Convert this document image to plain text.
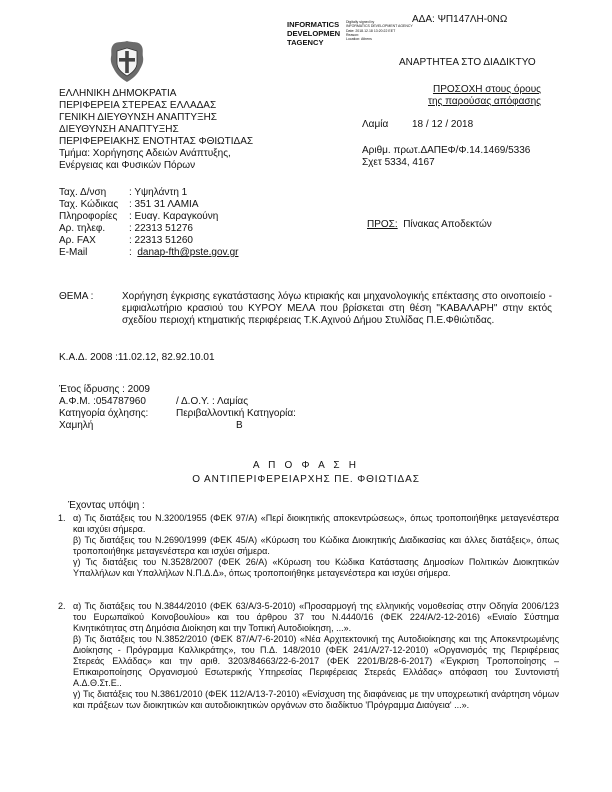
ΑΔΑ: ΨΠ147ΛΗ-0ΝΩ
INFORMATICS
DEVELOPMEN
TAGENCY
Digitally signed by
INFORMATICS DEVELOPMENT AGENCY
Date: 2018.12.18 13:20:22 EET
Reason:
Location: Athens
ΑΝΑΡΤΗΤΕΑ ΣΤΟ ΔΙΑΔΙΚΤΥΟ
ΕΛΛΗΝΙΚΗ ΔΗΜΟΚΡΑΤΙΑ
ΠΕΡΙΦΕΡΕΙΑ ΣΤΕΡΕΑΣ ΕΛΛΑΔΑΣ
ΓΕΝΙΚΗ ΔΙΕΥΘΥΝΣΗ ΑΝΑΠΤΥΞΗΣ
ΔΙΕΥΘΥΝΣΗ ΑΝΑΠΤΥΞΗΣ
ΠΕΡΙΦΕΡΕΙΑΚΗΣ ΕΝΟΤΗΤΑΣ ΦΘΙΩΤΙΔΑΣ
Τμήμα: Χορήγησης Αδειών Ανάπτυξης,
Ενέργειας και Φυσικών Πόρων
ΠΡΟΣΟΧΗ στους όρους
της παρούσας απόφασης
Λαμία 18 / 12 / 2018
Αριθμ. πρωτ.ΔΑΠΕΦ/Φ.14.1469/5336
Σχετ 5334, 4167
Ταχ. Δ/νση : Υψηλάντη 1
Ταχ. Κώδικας : 351 31 ΛΑΜΙΑ
Πληροφορίες : Ευαγ. Καραγκούνη
Αρ. τηλεφ. : 22313 51276
Αρ. FAX	: 22313 51260
E-Mail	: danap-fth@pste.gov.gr
ΠΡΟΣ: Πίνακας Αποδεκτών
ΘΕΜΑ :	Χορήγηση έγκρισης εγκατάστασης λόγω κτιριακής και μηχανολογικής επέκτασης στο οινοποιείο - εμφιαλωτήριο κρασιού του ΚΥΡΟΥ ΜΕΛΑ που βρίσκεται στη θέση "ΚΑΒΑΛΑΡΗ" στην εκτός σχεδίου περιοχή κτηματικής περιφέρειας Τ.Κ.Αχινού Δήμου Στυλίδας Π.Ε.Φθιώτιδας.
Κ.Α.Δ. 2008 :11.02.12, 82.92.10.01
Έτος ίδρυσης : 2009
Α.Φ.Μ. :054787960	/ Δ.Ο.Υ. : Λαμίας
Κατηγορία όχλησης:	Περιβαλλοντική Κατηγορία:
Χαμηλή	Β
Α Π Ο Φ Α Σ Η
Ο ΑΝΤΙΠΕΡΙΦΕΡΕΙΑΡΧΗΣ ΠΕ. ΦΘΙΩΤΙΔΑΣ
Έχοντας υπόψη :
1. α) Τις διατάξεις του Ν.3200/1955 (ΦΕΚ 97/Α) «Περί διοικητικής αποκεντρώσεως», όπως τροποποιήθηκε μεταγενέστερα και ισχύει σήμερα.
β) Τις διατάξεις του Ν.2690/1999 (ΦΕΚ 45/Α) «Κύρωση του Κώδικα Διοικητικής Διαδικασίας και άλλες διατάξεις», όπως τροποποιήθηκε μεταγενέστερα και ισχύει σήμερα.
γ) Τις διατάξεις του Ν.3528/2007 (ΦΕΚ 26/Α) «Κύρωση του Κώδικα Κατάστασης Δημοσίων Πολιτικών Διοικητικών Υπαλλήλων και Υπαλλήλων Ν.Π.Δ.Δ», όπως τροποποιήθηκε μεταγενέστερα και ισχύει σήμερα.
2. α) Τις διατάξεις του Ν.3844/2010 (ΦΕΚ 63/Α/3-5-2010) «Προσαρμογή της ελληνικής νομοθεσίας στην Οδηγία 2006/123 του Ευρωπαϊκού Κοινοβουλίου» και του άρθρου 37 του Ν.4440/16 (ΦΕΚ 224/Α/2-12-2016) «Ενιαίο Σύστημα Κινητικότητας στη Δημόσια Διοίκηση και την Τοπική Αυτοδιοίκηση, ...».
β) Τις διατάξεις του Ν.3852/2010 (ΦΕΚ 87/Α/7-6-2010) «Νέα Αρχιτεκτονική της Αυτοδιοίκησης και της Αποκεντρωμένης Διοίκησης - Πρόγραμμα Καλλικράτης», του Π.Δ. 148/2010 (ΦΕΚ 241/Α/27-12-2010) «Οργανισμός της Περιφέρειας Στερεάς Ελλάδας» και την αριθ. 3203/84663/22-6-2017 (ΦΕΚ 2201/Β/28-6-2017) «Έγκριση Τροποποίησης – Επικαιροποίησης Οργανισμού Εσωτερικής Υπηρεσίας Περιφέρειας Στερεάς Ελλάδας» απόφαση του Συντονιστή Α.Δ.Θ.Στ.Ε..
γ) Τις διατάξεις του Ν.3861/2010 (ΦΕΚ 112/Α/13-7-2010) «Ενίσχυση της διαφάνειας με την υποχρεωτική ανάρτηση νόμων και πράξεων των διοικητικών και αυτοδιοικητικών οργάνων στο διαδίκτυο 'Πρόγραμμα Διαύγεια' ...».
